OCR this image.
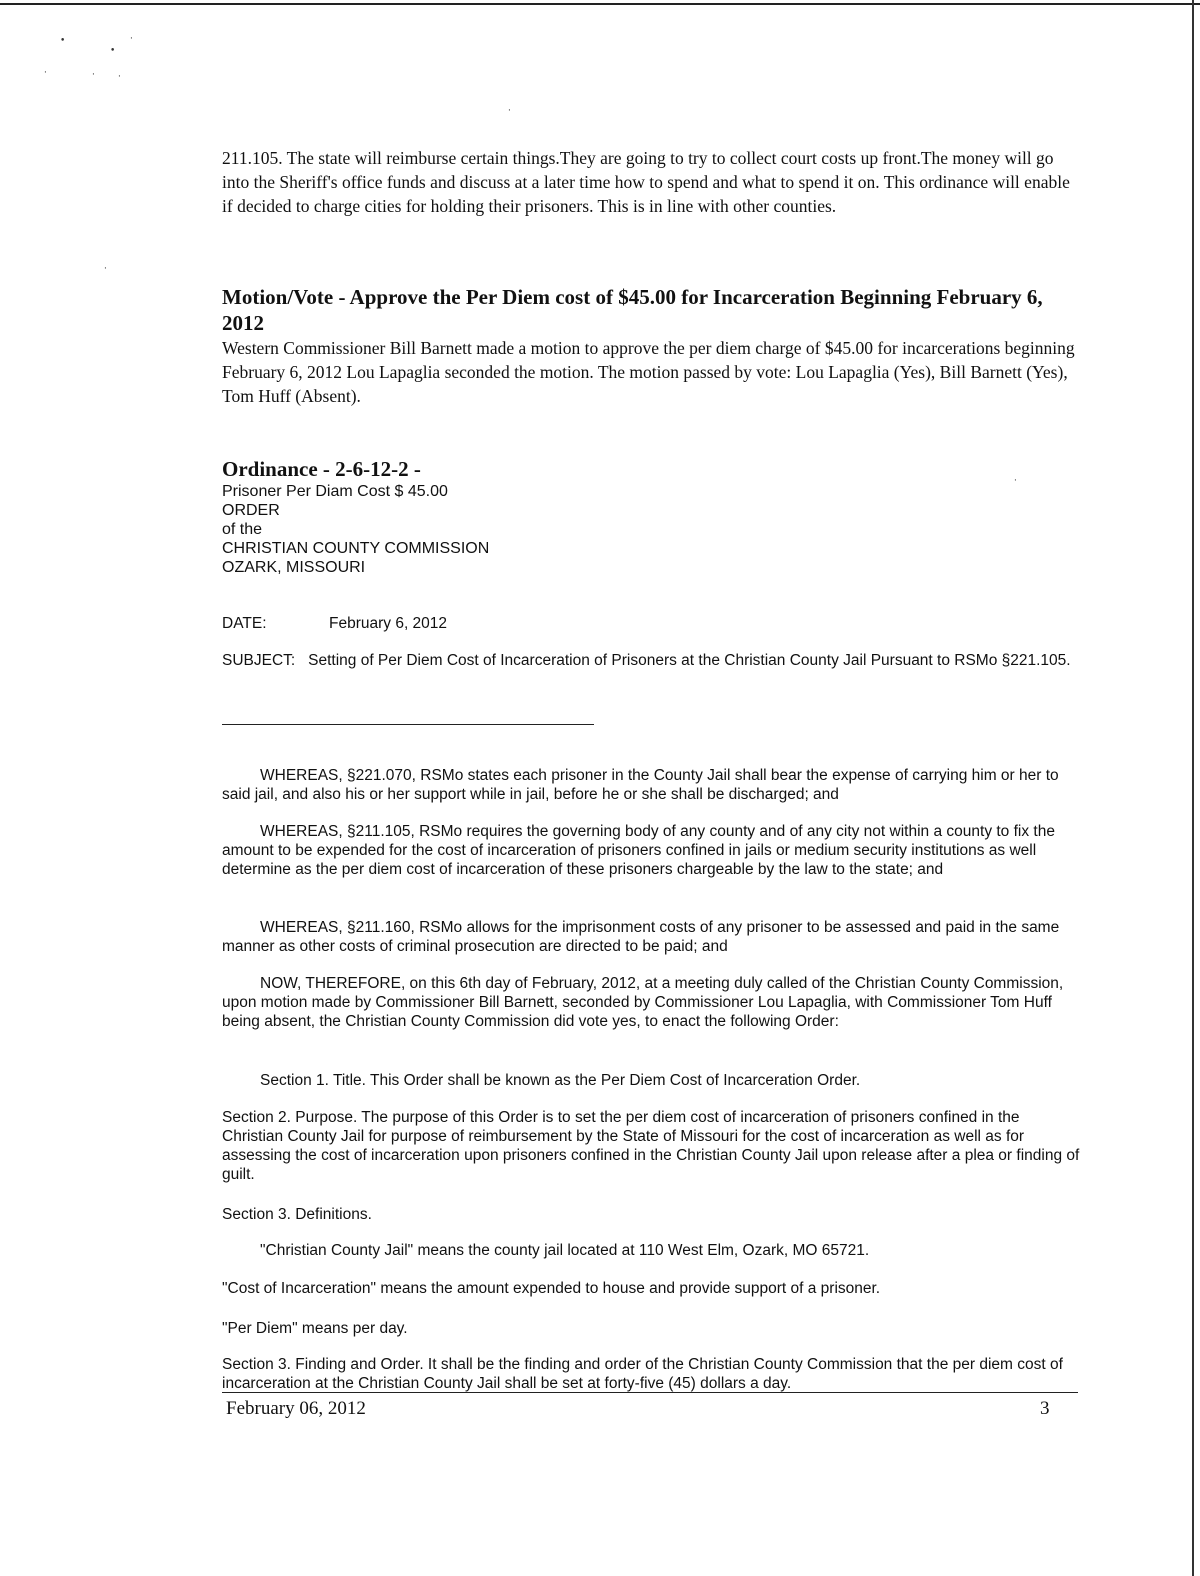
•
•
·
·	·	·
·
·
·

211.105. The state will reimburse certain things.They are going to try to collect court costs up front.The money will go into the Sheriff's office funds and discuss at a later time how to spend and what to spend it on. This ordinance will enable if decided to charge cities for holding their prisoners. This is in line with other counties.

Motion/Vote - Approve the Per Diem cost of $45.00 for Incarceration Beginning February 6, 2012

Western Commissioner Bill Barnett made a motion to approve the per diem charge of $45.00 for incarcerations beginning February 6, 2012 Lou Lapaglia seconded the motion. The motion passed by vote: Lou Lapaglia (Yes), Bill Barnett (Yes), Tom Huff (Absent).

Ordinance - 2-6-12-2 -
Prisoner Per Diam Cost $ 45.00
ORDER
of the
CHRISTIAN COUNTY COMMISSION
OZARK, MISSOURI
DATE:	February 6, 2012

SUBJECT: Setting of Per Diem Cost of Incarceration of Prisoners at the Christian County Jail Pursuant to RSMo §221.105.

WHEREAS, §221.070, RSMo states each prisoner in the County Jail shall bear the expense of carrying him or her to said jail, and also his or her support while in jail, before he or she shall be discharged; and
WHEREAS, §211.105, RSMo requires the governing body of any county and of any city not within a county to fix the amount to be expended for the cost of incarceration of prisoners confined in jails or medium security institutions as well determine as the per diem cost of incarceration of these prisoners chargeable by the law to the state; and
WHEREAS, §211.160, RSMo allows for the imprisonment costs of any prisoner to be assessed and paid in the same manner as other costs of criminal prosecution are directed to be paid; and
NOW, THEREFORE, on this 6th day of February, 2012, at a meeting duly called of the Christian County Commission, upon motion made by Commissioner Bill Barnett, seconded by Commissioner Lou Lapaglia, with Commissioner Tom Huff being absent, the Christian County Commission did vote yes, to enact the following Order:
Section 1. Title. This Order shall be known as the Per Diem Cost of Incarceration Order.
Section 2. Purpose. The purpose of this Order is to set the per diem cost of incarceration of prisoners confined in the Christian County Jail for purpose of reimbursement by the State of Missouri for the cost of incarceration as well as for assessing the cost of incarceration upon prisoners confined in the Christian County Jail upon release after a plea or finding of guilt.
Section 3. Definitions.
"Christian County Jail" means the county jail located at 110 West Elm, Ozark, MO 65721.
"Cost of Incarceration" means the amount expended to house and provide support of a prisoner.
"Per Diem" means per day.
Section 3. Finding and Order. It shall be the finding and order of the Christian County Commission that the per diem cost of incarceration at the Christian County Jail shall be set at forty-five (45) dollars a day.
February 06, 2012	3
